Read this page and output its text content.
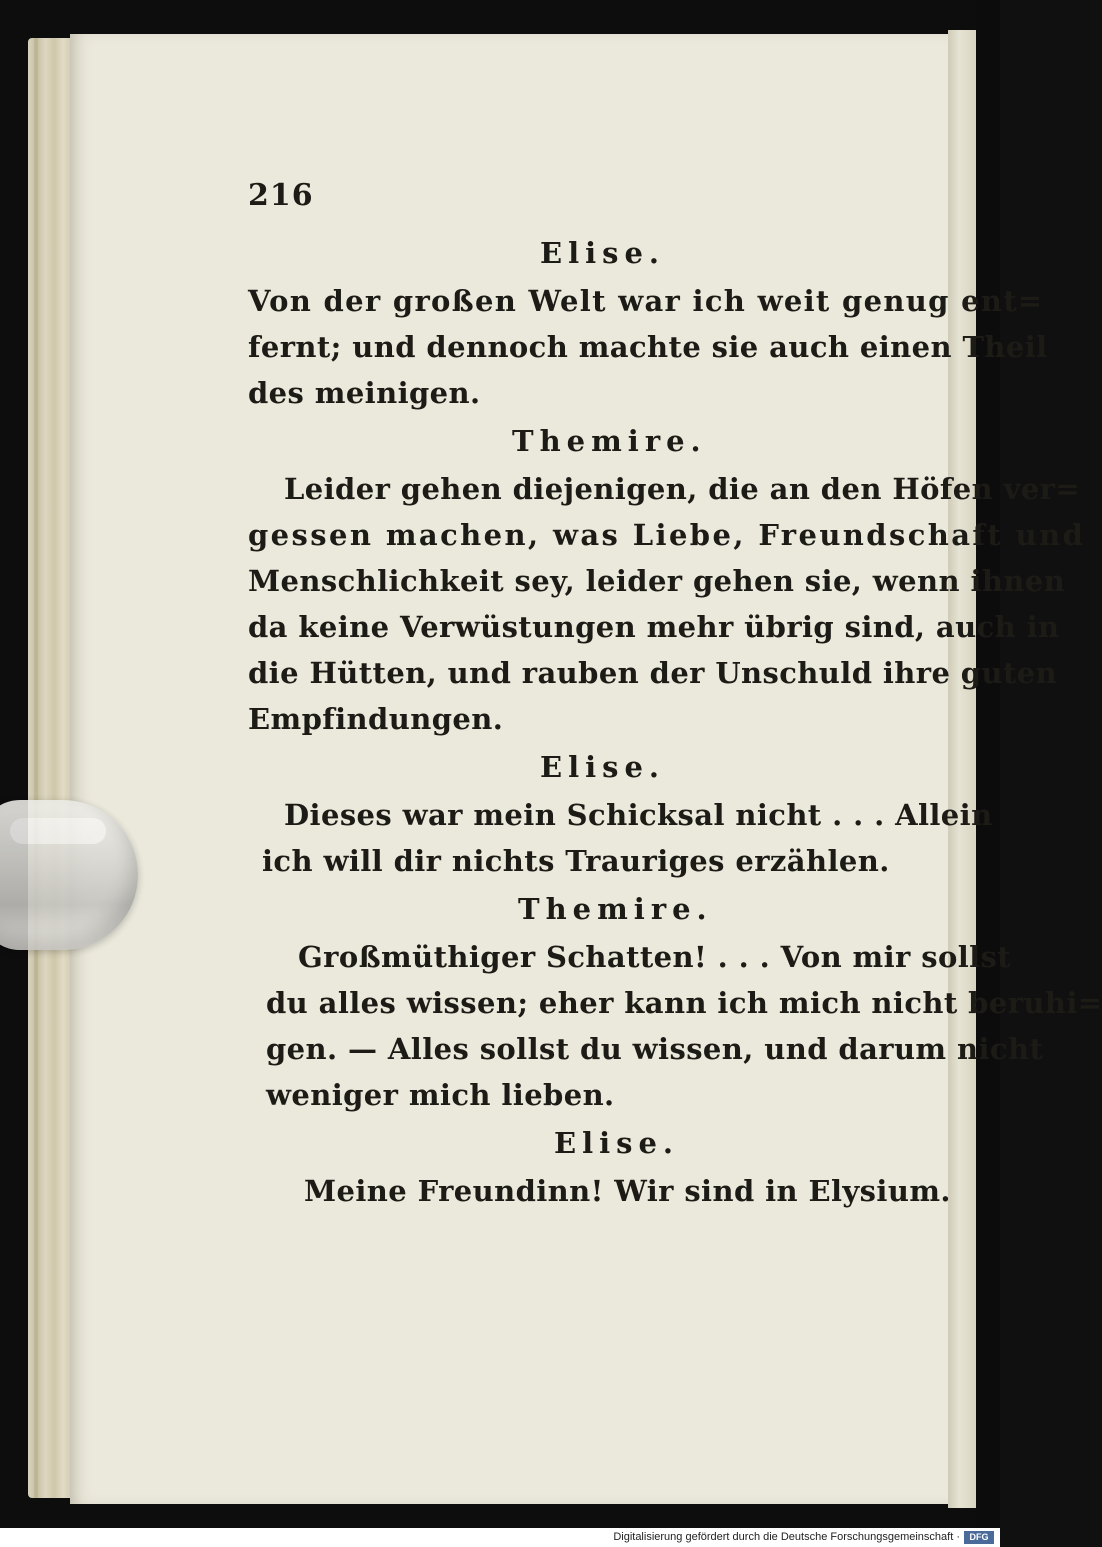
216
Elise.
Von der großen Welt war ich weit genug ent=
fernt; und dennoch machte sie auch einen Theil
des meinigen.
Themire.
Leider gehen diejenigen, die an den Höfen ver=
gessen machen, was Liebe, Freundschaft und
Menschlichkeit sey, leider gehen sie, wenn ihnen
da keine Verwüstungen mehr übrig sind, auch in
die Hütten, und rauben der Unschuld ihre guten
Empfindungen.
Elise.
Dieses war mein Schicksal nicht . . . Allein
ich will dir nichts Trauriges erzählen.
Themire.
Großmüthiger Schatten! . . . Von mir sollst
du alles wissen; eher kann ich mich nicht beruhi=
gen. — Alles sollst du wissen, und darum nicht
weniger mich lieben.
Elise.
Meine Freundinn! Wir sind in Elysium.
Digitalisierung gefördert durch die Deutsche Forschungsgemeinschaft ·	DFG
